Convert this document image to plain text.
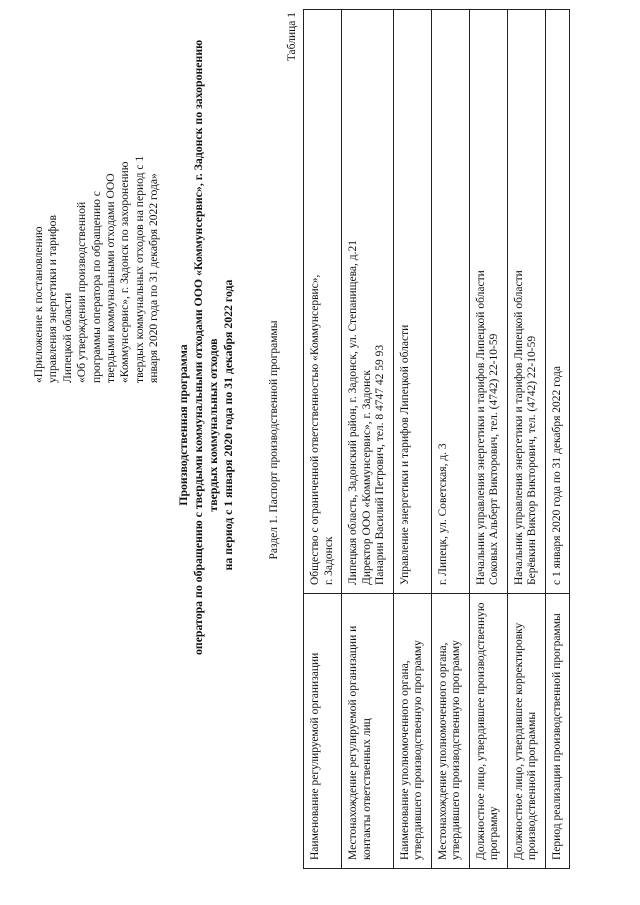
«Приложение к постановлению управления энергетики и тарифов Липецкой области «Об утверждении производственной программы оператора по обращению с твердыми коммунальными отходами ООО «Коммунсервис», г. Задонск по захоронению твердых коммунальных отходов на период с 1 января 2020 года по 31 декабря 2022 года»
Производственная программа оператора по обращению с твердыми коммунальными отходами ООО «Коммунсервис», г. Задонск по захоронению твердых коммунальных отходов на период с 1 января 2020 года по 31 декабря 2022 года	Раздел 1. Паспорт производственной программы
Таблица 1
Наименование регулируемой организации	Общество с ограниченной ответственностью «Коммунсервис», г. Задонск

Местонахождение регулируемой организации и контакты ответственных лиц	Липецкая область, Задонский район, г. Задонск, ул. Степанищева, д.21 Директор ООО «Коммунсервис», г. Задонск Панарин Василий Петрович, тел. 8 4747 42 59 93

Наименование уполномоченного органа, утвердившего производственную программу	Управление энергетики и тарифов Липецкой области

Местонахождение уполномоченного органа, утвердившего производственную программу	г. Липецк, ул. Советская, д. 3

Должностное лицо, утвердившее производственную программу	Начальник управления энергетики и тарифов Липецкой области Соковых Альберт Викторович, тел. (4742) 22-10-59

Должностное лицо, утвердившее корректировку производственной программы	Начальник управления энергетики и тарифов Липецкой области Берёвкин Виктор Викторович, тел. (4742) 22-10-59

Период реализации производственной программы	с 1 января 2020 года по 31 декабря 2022 года
